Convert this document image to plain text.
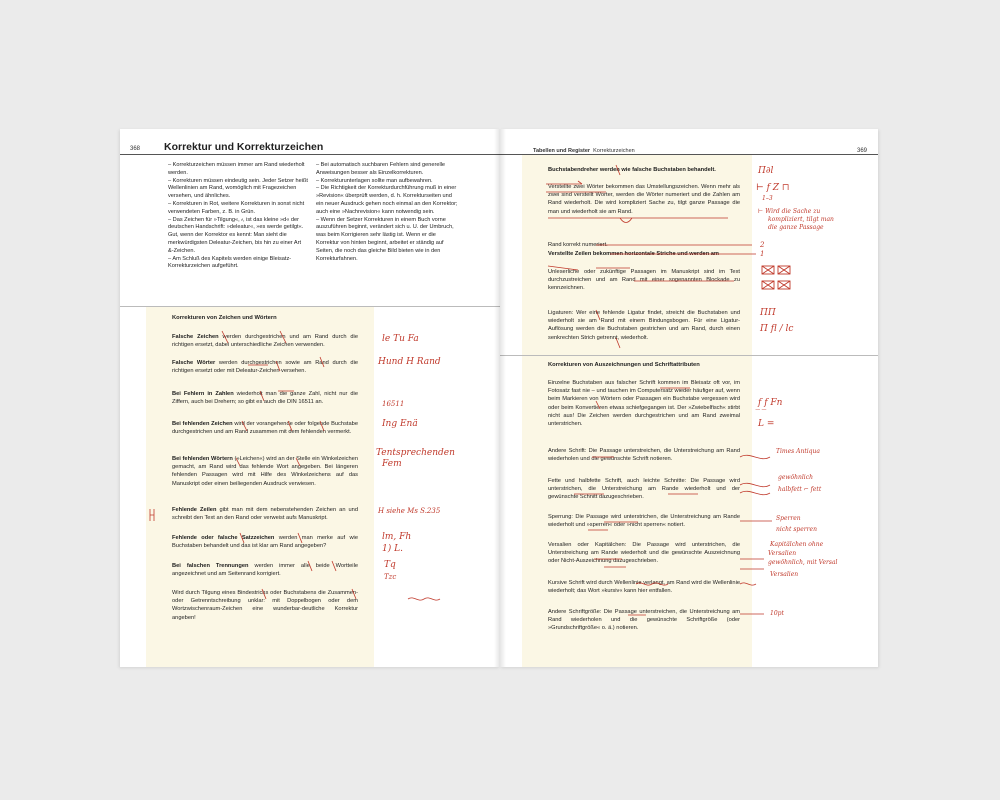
368 Korrektur und Korrekturzeichen

– Korrekturzeichen müssen immer am Rand wiederholt werden.

– Korrekturen müssen eindeutig sein. Jeder Setzer heißt Wellenlinien am Rand, womöglich mit Fragezeichen versehen, und ähnliches.

– Korrekturen in Rot, weitere Korrekturen in sonst nicht verwendeten Farben, z. B. in Grün.

– Das Zeichen für »Tilgung«, ⸗, ist das kleine »d« der deutschen Handschrift: »deleatur«, »es werde getilgt«. Gut, wenn der Korrektor es kennt: Man sieht die merkwürdigsten Deleatur-Zeichen, bis hin zu einer Art &-Zeichen.

– Am Schluß des Kapitels werden einige Bleisatz-Korrekturzeichen aufgeführt.

– Bei automatisch suchbaren Fehlern sind generelle Anweisungen besser als Einzelkorrekturen.

– Korrekturunterlagen sollte man aufbewahren.

– Die Richtigkeit der Korrekturdurchführung muß in einer »Revision« überprüft werden, d. h. Korrekturseiten und ein neuer Ausdruck gehen noch einmal an den Korrektor; auch eine »Nachrevision« kann notwendig sein.

– Wenn der Setzer Korrekturen in einem Buch vorne auszuführen beginnt, verändert sich u. U. der Umbruch, was beim Korrigieren sehr lästig ist. Wenn er die Korrektur von hinten beginnt, arbeitet er ständig auf Seiten, die noch das gleiche Bild bieten wie in den Korrekturfahnen.

Korrekturen von Zeichen und Wörtern
Falsche Zeichen werden durchgestrichen und am Rand durch die richtigen ersetzt, dabei unterschiedliche Zeichen verwenden.
Falsche Wörter werden durchgestrichen sowie am Rand durch die richtigen ersetzt oder mit Deleatur-Zeichen versehen.
Bei Fehlern in Zahlen wiederholt man die ganze Zahl, nicht nur die Ziffern, auch bei Drehern; so gibt es auch die DIN 16511 an.
Bei fehlenden Zeichen wird der vorangehende oder folgende Buchstabe durchgestrichen und am Rand zusammen mit dem fehlenden vermerkt.
Bei fehlenden Wörtern (»Leichen«) wird an der Stelle ein Winkelzeichen gemacht, am Rand wird das fehlende Wort angegeben. Bei längeren fehlenden Passagen wird mit Hilfe des Winkelzeichens auf das Manuskript oder einen beiliegenden Ausdruck verwiesen.
Fehlende Zeilen gibt man mit dem nebenstehenden Zeichen an und schreibt den Text an den Rand oder verweist aufs Manuskript.
Fehlende oder falsche Satzzeichen werden man merke auf wie Buchstaben behandelt und das ist klar am Rand angegeben?
Bei falschen Trennungen werden immer alle beide Wortteile angezeichnet und am Seitenrand korrigiert.
Wird durch Tilgung eines Bindestrichs oder Buchstabens die Zusammen- oder Getrenntschreibung unklar: mit Doppelbogen oder dem Wortzwischenraum-Zeichen eine wunderbar-deutliche Korrektur angeben!
le Tu Fa
Hund H Rand
16511
Ing Enä
Tentsprechenden
Fem
H siehe Ms S.235
lm, Fh
1) L.
Tq
Tzc
Tabellen und Register Korrekturzeichen	369
Buchstabendreher werden wie falsche Buchstaben behandelt.
Verstellte zwei Wörter bekommen das Umstellungszeichen. Wenn mehr als zwei sind verstellt Wörter, werden die Wörter numeriert und die Zahlen am Rand wiederholt. Die wird kompliziert Sache zu, tilgt ganze Passage die man und wiederholt sie am Rand.
Rand korrekt numeriert.
Verstellte Zeilen bekommen horizontale Striche und werden am
Unleserliche oder zukünftige Passagen im Manuskript sind im Text durchzustreichen und am Rand mit einer sogenannten Blockade zu kennzeichnen.
Ligaturen: Wer eine fehlende Ligatur findet, streicht die Buchstaben und wiederholt sie am Rand mit einem Bindungsbogen. Für eine Ligatur-Auflösung werden die Buchstaben gestrichen und am Rand, durch einen senkrechten Strich getrennt, wiederholt.
Korrekturen von Auszeichnungen und Schriftattributen
Einzelne Buchstaben aus falscher Schrift kommen im Bleisatz oft vor, im Fotosatz fast nie – und tauchen im Computersatz wieder häufiger auf, wenn beim Markieren von Wörtern oder Passagen ein Buchstabe vergessen wird oder beim Konvertieren etwas schiefgegangen ist. Der »Zwiebelfisch« stirbt nicht aus! Die Zeichen werden durchgestrichen und am Rand zweimal unterstrichen.
Andere Schrift: Die Passage unterstreichen, die Unterstreichung am Rand wiederholen und die gewünschte Schrift notieren.
Fette und halbfette Schrift, auch leichte Schnitte: Die Passage wird unterstrichen, die Unterstreichung am Rande wiederholt und der gewünschte Schnitt dazugeschrieben.
Sperrung: Die Passage wird unterstrichen, die Unterstreichung am Rande wiederholt und »sperren« oder »nicht sperren« notiert.
Versalien oder Kapitälchen: Die Passage wird unterstrichen, die Unterstreichung am Rande wiederholt und die gewünschte Auszeichnung oder Nicht-Auszeichnung dazugeschrieben.
Kursive Schrift wird durch Wellenlinie verlangt, am Rand wird die Wellenlinie wiederholt; das Wort »kursiv« kann hier entfallen.
Andere Schriftgröße: Die Passage unterstreichen, die Unterstreichung am Rand wiederholen und die gewünschte Schriftgröße (oder »Grundschriftgröße« o. ä.) notieren.
Π∂l
⊢ f Z ⊓
1–3
⊢ Wird die Sache zu
kompliziert, tilgt man
die ganze Passage
2
1
ΠΠ
Π fl / lc
f̲ f̲ Fn
L =
Times Antiqua
gewöhnlich
halbfett ⌐ fett
Sperren
nicht sperren
Kapitälchen ohne
Versalien
gewöhnlich, mit Versal
Versalien
10pt
